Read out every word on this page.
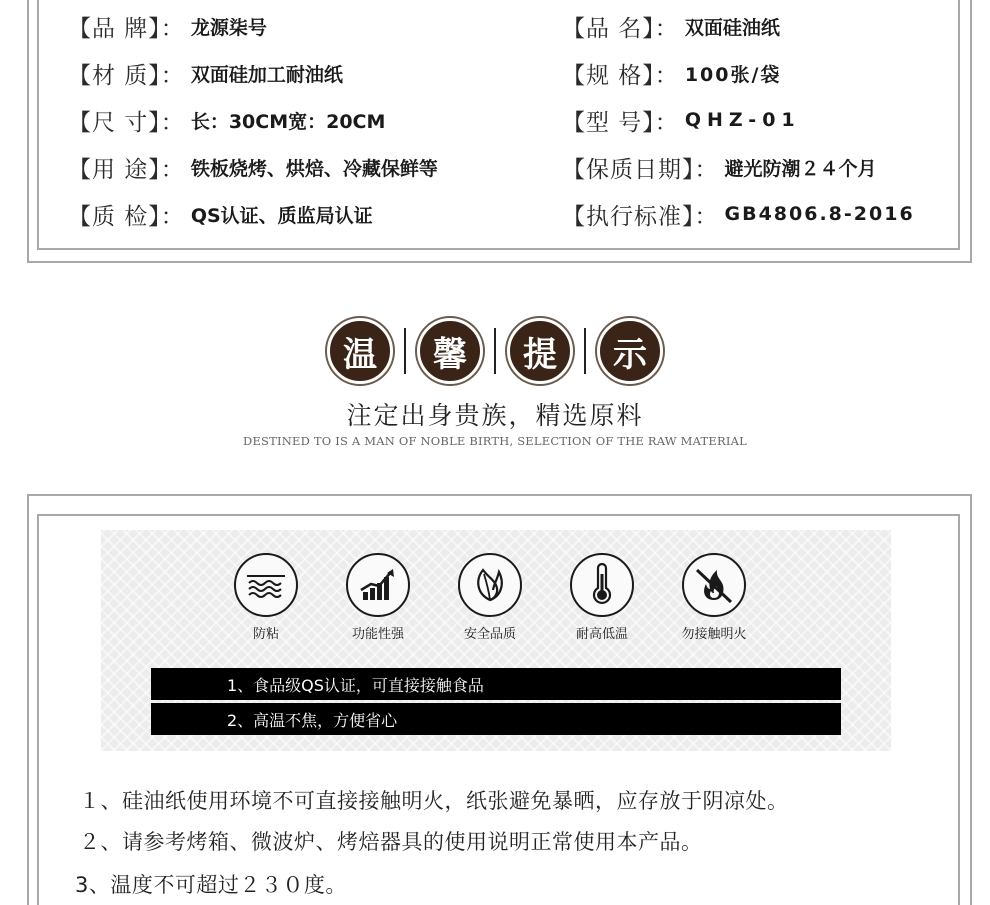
【品 牌】： 龙源柒号	【品 名】： 双面硅油纸
【材 质】： 双面硅加工耐油纸	【规 格】： 100张/袋
【尺 寸】： 长：30CM宽：20CM	【型 号】： QHZ-01
【用 途】： 铁板烧烤、烘焙、冷藏保鲜等	【保质日期】： 避光防潮２４个月
【质 检】： QS认证、质监局认证	【执行标准】： GB4806.8-2016
温	馨	提	示
注定出身贵族，精选原料
DESTINED TO IS A MAN OF NOBLE BIRTH, SELECTION OF THE RAW MATERIAL
防粘	功能性强	安全品质	耐高低温	勿接触明火
1、食品级QS认证，可直接接触食品
2、高温不焦，方便省心
１、硅油纸使用环境不可直接接触明火，纸张避免暴晒，应存放于阴凉处。
２、请参考烤箱、微波炉、烤焙器具的使用说明正常使用本产品。
3、温度不可超过２３０度。
